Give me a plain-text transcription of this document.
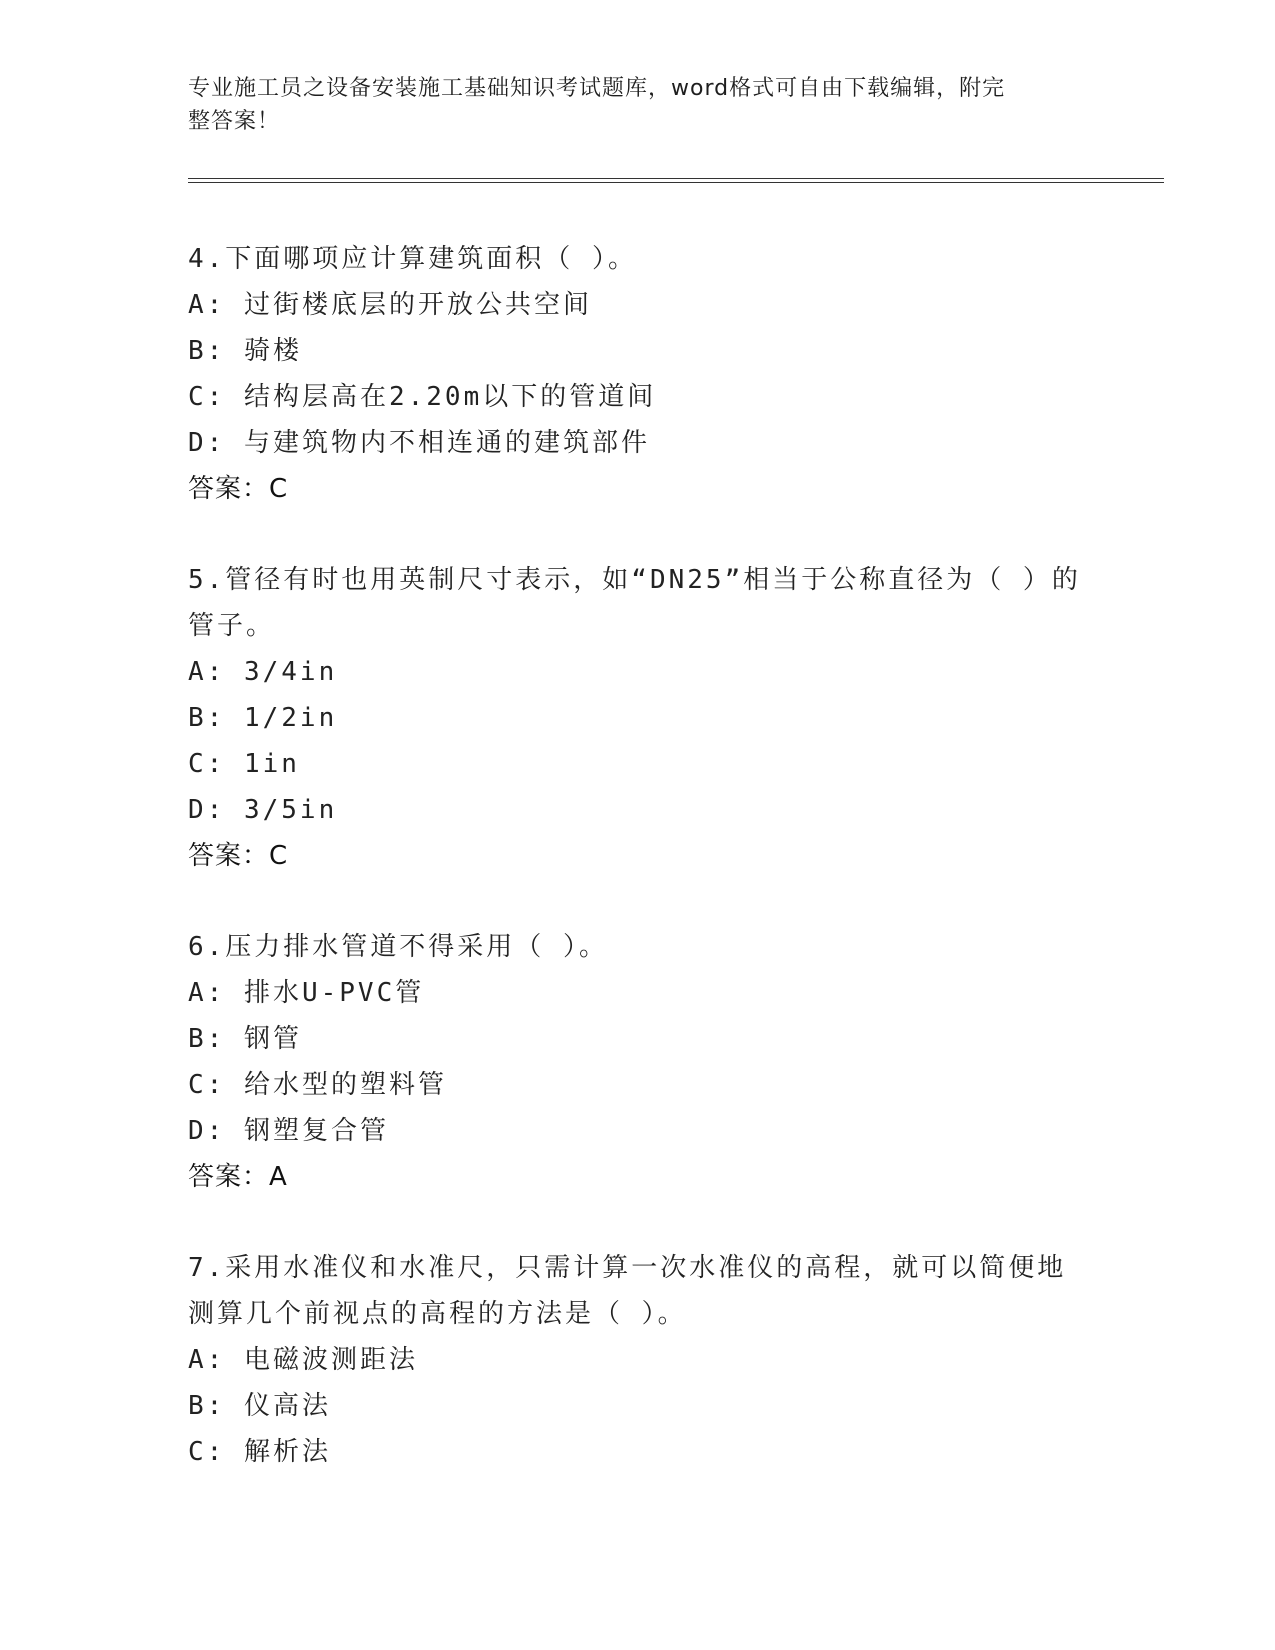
专业施工员之设备安装施工基础知识考试题库，word格式可自由下载编辑，附完
整答案！
4.下面哪项应计算建筑面积（ ）。
A: 过街楼底层的开放公共空间
B: 骑楼
C: 结构层高在2.20m以下的管道间
D: 与建筑物内不相连通的建筑部件
答案：C
5.管径有时也用英制尺寸表示，如“DN25”相当于公称直径为（ ）的
管子。
A: 3/4in
B: 1/2in
C: 1in
D: 3/5in
答案：C
6.压力排水管道不得采用（ ）。
A: 排水U-PVC管
B: 钢管
C: 给水型的塑料管
D: 钢塑复合管
答案：A
7.采用水准仪和水准尺，只需计算一次水准仪的高程，就可以简便地
测算几个前视点的高程的方法是（ ）。
A: 电磁波测距法
B: 仪高法
C: 解析法
